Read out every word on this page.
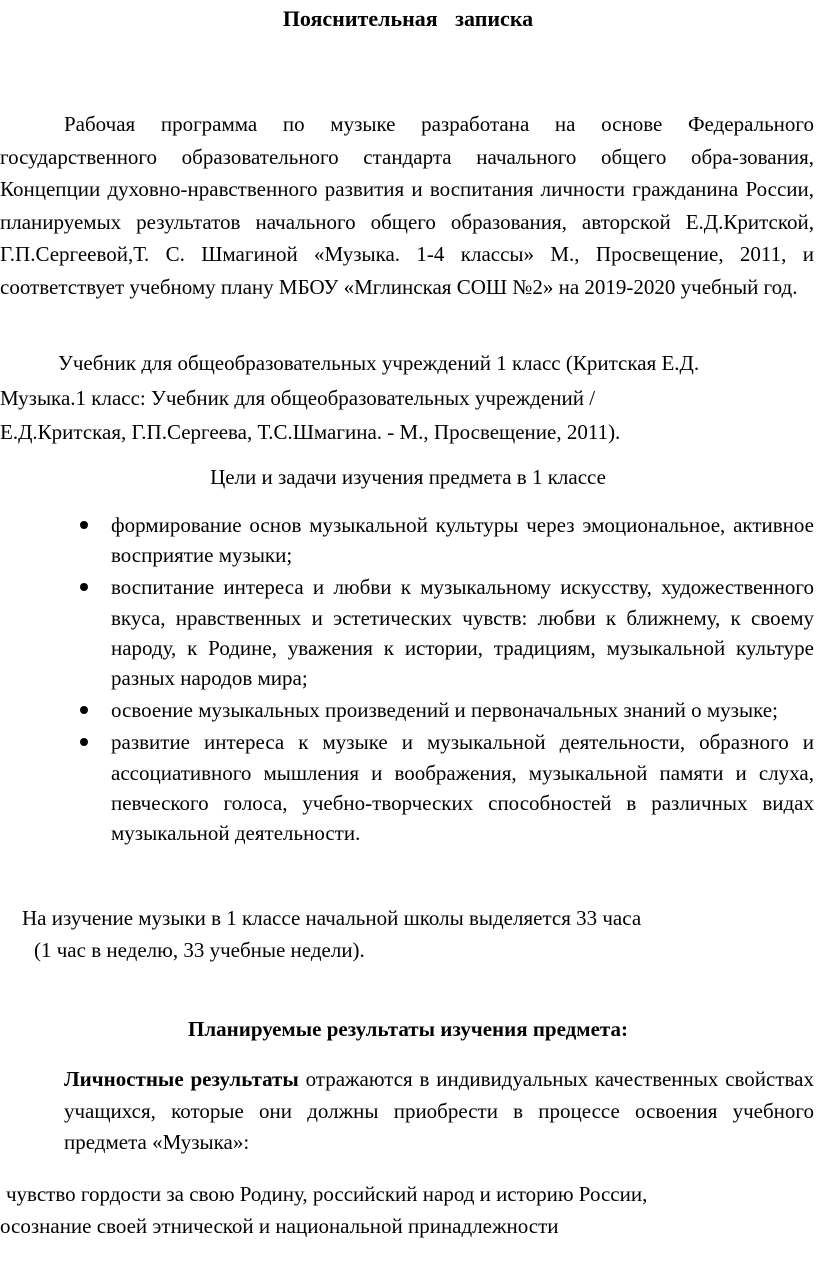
Пояснительная записка
Рабочая программа по музыке разработана на основе Федерального государственного образовательного стандарта начального общего обра-зования, Концепции духовно-нравственного развития и воспитания личности гражданина России, планируемых результатов начального общего образования, авторской Е.Д.Критской, Г.П.Сергеевой,Т. С. Шмагиной «Музыка. 1-4 классы» М., Просвещение, 2011, и соответствует учебному плану МБОУ «Мглинская СОШ №2» на 2019-2020 учебный год.
Учебник для общеобразовательных учреждений 1 класс (Критская Е.Д.
Музыка.1 класс: Учебник для общеобразовательных учреждений /
Е.Д.Критская, Г.П.Сергеева, Т.С.Шмагина. - М., Просвещение, 2011).
Цели и задачи изучения предмета в 1 классе
формирование основ музыкальной культуры через эмоциональное, активное восприятие музыки;
воспитание интереса и любви к музыкальному искусству, художественного вкуса, нравственных и эстетических чувств: любви к ближнему, к своему народу, к Родине, уважения к истории, традициям, музыкальной культуре разных народов мира;
освоение музыкальных произведений и первоначальных знаний о музыке;
развитие интереса к музыке и музыкальной деятельности, образного и ассоциативного мышления и воображения, музыкальной памяти и слуха, певческого голоса, учебно-творческих способностей в различных видах музыкальной деятельности.
На изучение музыки в 1 классе начальной школы выделяется 33 часа
(1 час в неделю, 33 учебные недели).
Планируемые результаты изучения предмета:
Личностные результаты отражаются в индивидуальных качественных свойствах учащихся, которые они должны приобрести в процессе освоения учебного предмета «Музыка»:
чувство гордости за свою Родину, российский народ и историю России,
осознание своей этнической и национальной принадлежности
